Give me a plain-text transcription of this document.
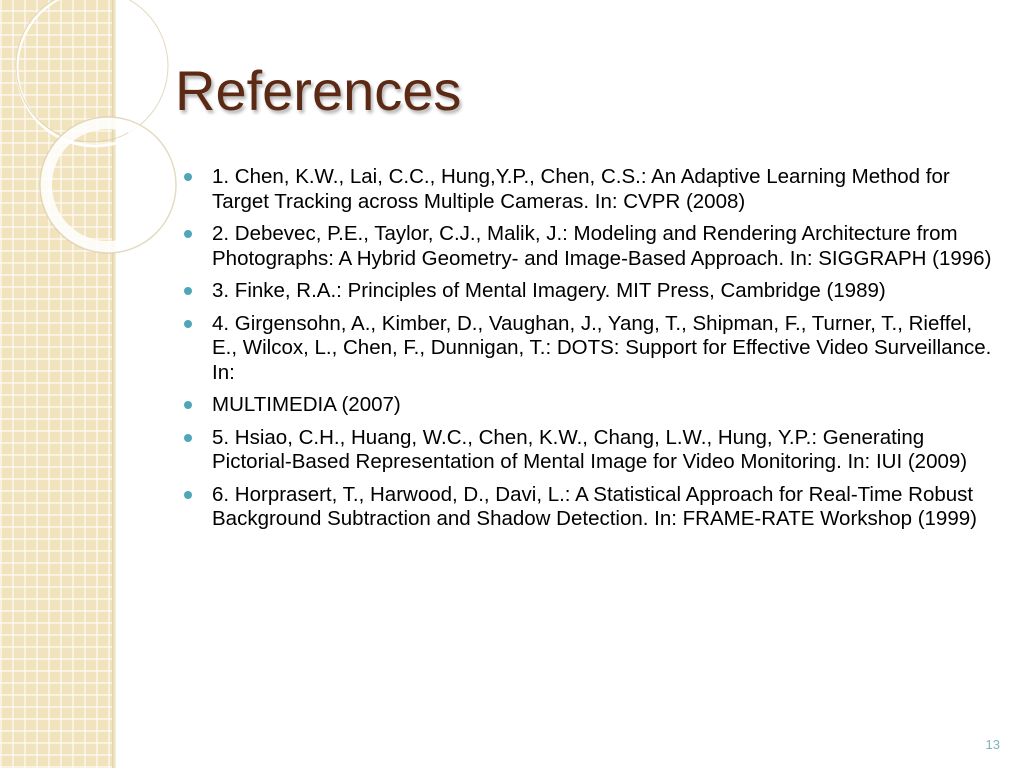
References
1. Chen, K.W., Lai, C.C., Hung,Y.P., Chen, C.S.: An Adaptive Learning Method for Target Tracking across Multiple Cameras. In: CVPR (2008)
2. Debevec, P.E., Taylor, C.J., Malik, J.: Modeling and Rendering Architecture from Photographs: A Hybrid Geometry- and Image-Based Approach. In: SIGGRAPH (1996)
3. Finke, R.A.: Principles of Mental Imagery. MIT Press, Cambridge (1989)
4. Girgensohn, A., Kimber, D., Vaughan, J., Yang, T., Shipman, F., Turner, T., Rieffel, E., Wilcox, L., Chen, F., Dunnigan, T.: DOTS: Support for Effective Video Surveillance. In:
MULTIMEDIA (2007)
5. Hsiao, C.H., Huang, W.C., Chen, K.W., Chang, L.W., Hung, Y.P.: Generating Pictorial-Based Representation of Mental Image for Video Monitoring. In: IUI (2009)
6. Horprasert, T., Harwood, D., Davi, L.: A Statistical Approach for Real-Time Robust Background Subtraction and Shadow Detection. In: FRAME-RATE Workshop (1999)
13
